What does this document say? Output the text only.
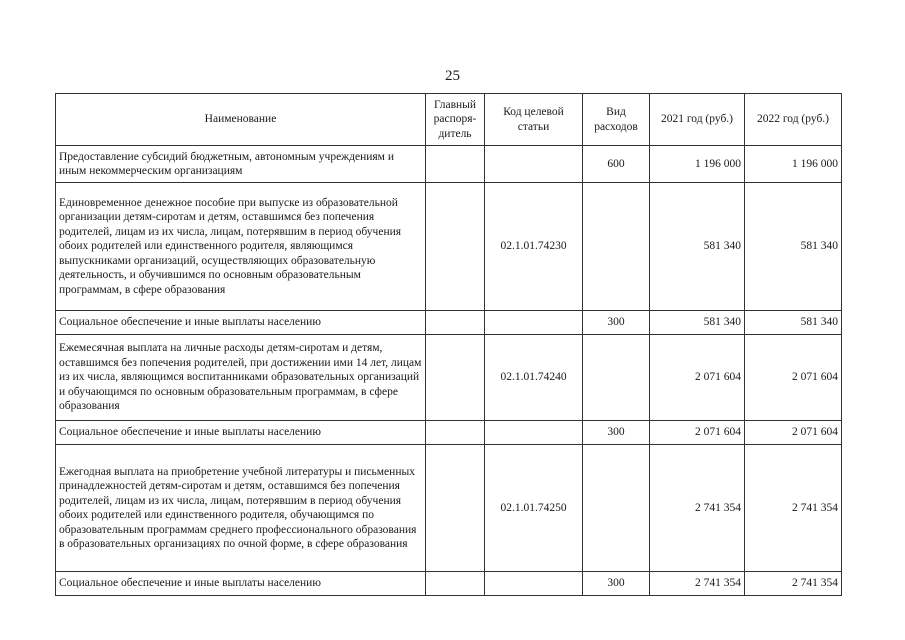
25
Наименование	Главный распоря-дитель	Код целевой статьи	Вид расходов	2021 год (руб.)	2022 год (руб.)
Предоставление субсидий бюджетным, автономным учреждениям и иным некоммерческим организациям			600	1 196 000	1 196 000
Единовременное денежное пособие при выпуске из образовательной организации детям-сиротам и детям, оставшимся без попечения родителей, лицам из их числа, лицам, потерявшим в период обучения обоих родителей или единственного родителя, являющимся выпускниками организаций, осуществляющих образовательную деятельность, и обучившимся по основным образовательным программам, в сфере образования		02.1.01.74230		581 340	581 340
Социальное обеспечение и иные выплаты населению			300	581 340	581 340
Ежемесячная выплата на личные расходы детям-сиротам и детям, оставшимся без попечения родителей, при достижении ими 14 лет, лицам из их числа, являющимся воспитанниками образовательных организаций и обучающимся по основным образовательным программам, в сфере образования		02.1.01.74240		2 071 604	2 071 604
Социальное обеспечение и иные выплаты населению			300	2 071 604	2 071 604
Ежегодная выплата на приобретение учебной литературы и письменных принадлежностей детям-сиротам и детям, оставшимся без попечения родителей, лицам из их числа, лицам, потерявшим в период обучения обоих родителей или единственного родителя, обучающимся по образовательным программам среднего профессионального образования в образовательных организациях по очной форме, в сфере образования		02.1.01.74250		2 741 354	2 741 354
Социальное обеспечение и иные выплаты населению			300	2 741 354	2 741 354
